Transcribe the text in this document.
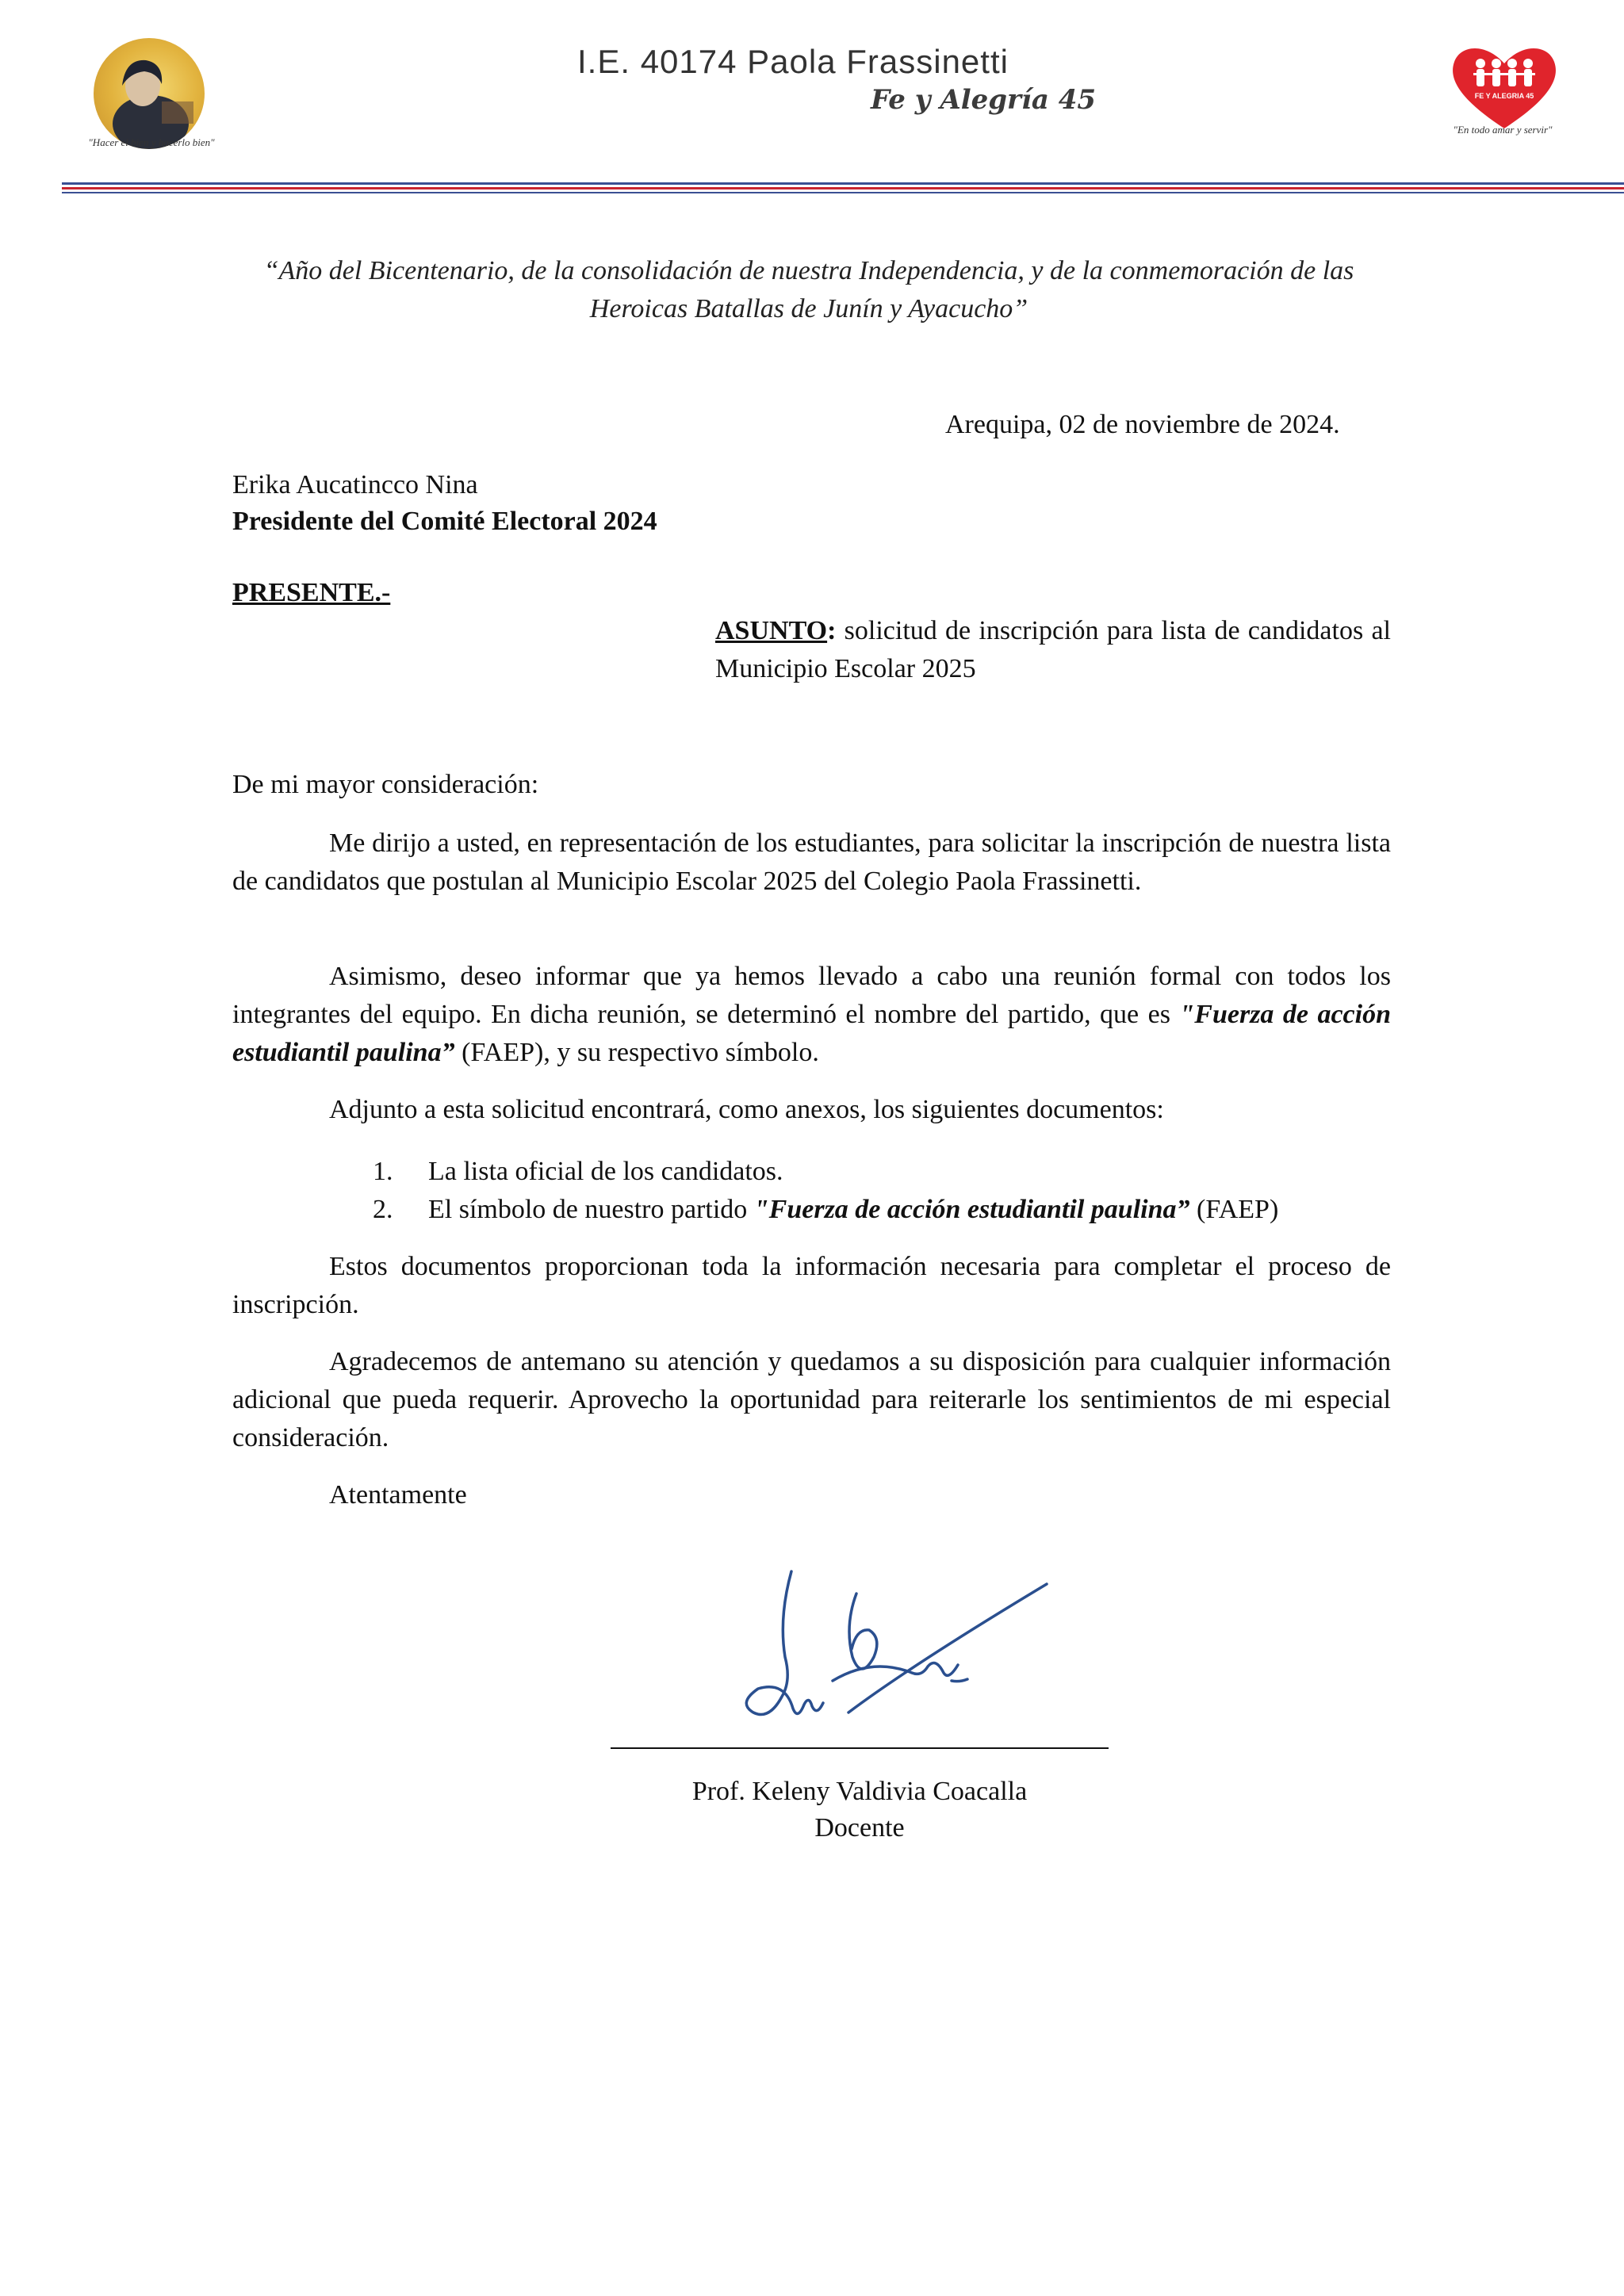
"Hacer el bien y hacerlo bien"
I.E. 40174 Paola Frassinetti
Fe y Alegría 45	FE Y ALEGRIA 45
"En todo amar y servir"
“Año del Bicentenario, de la consolidación de nuestra Independencia, y de la conmemoración de las Heroicas Batallas de Junín y Ayacucho”
Arequipa, 02 de noviembre de 2024.
Erika Aucatincco Nina
Presidente del Comité Electoral 2024
PRESENTE.-
ASUNTO: solicitud de inscripción para lista de candidatos al Municipio Escolar 2025
De mi mayor consideración:
Me dirijo a usted, en representación de los estudiantes, para solicitar la inscripción de nuestra lista de candidatos que postulan al Municipio Escolar 2025 del Colegio Paola Frassinetti.
Asimismo, deseo informar que ya hemos llevado a cabo una reunión formal con todos los integrantes del equipo. En dicha reunión, se determinó el nombre del partido, que es "Fuerza de acción estudiantil paulina” (FAEP), y su respectivo símbolo.
Adjunto a esta solicitud encontrará, como anexos, los siguientes documentos:
1. La lista oficial de los candidatos.
2. El símbolo de nuestro partido "Fuerza de acción estudiantil paulina” (FAEP)
Estos documentos proporcionan toda la información necesaria para completar el proceso de inscripción.
Agradecemos de antemano su atención y quedamos a su disposición para cualquier información adicional que pueda requerir. Aprovecho la oportunidad para reiterarle los sentimientos de mi especial consideración.
Atentamente
Prof. Keleny Valdivia Coacalla
Docente
